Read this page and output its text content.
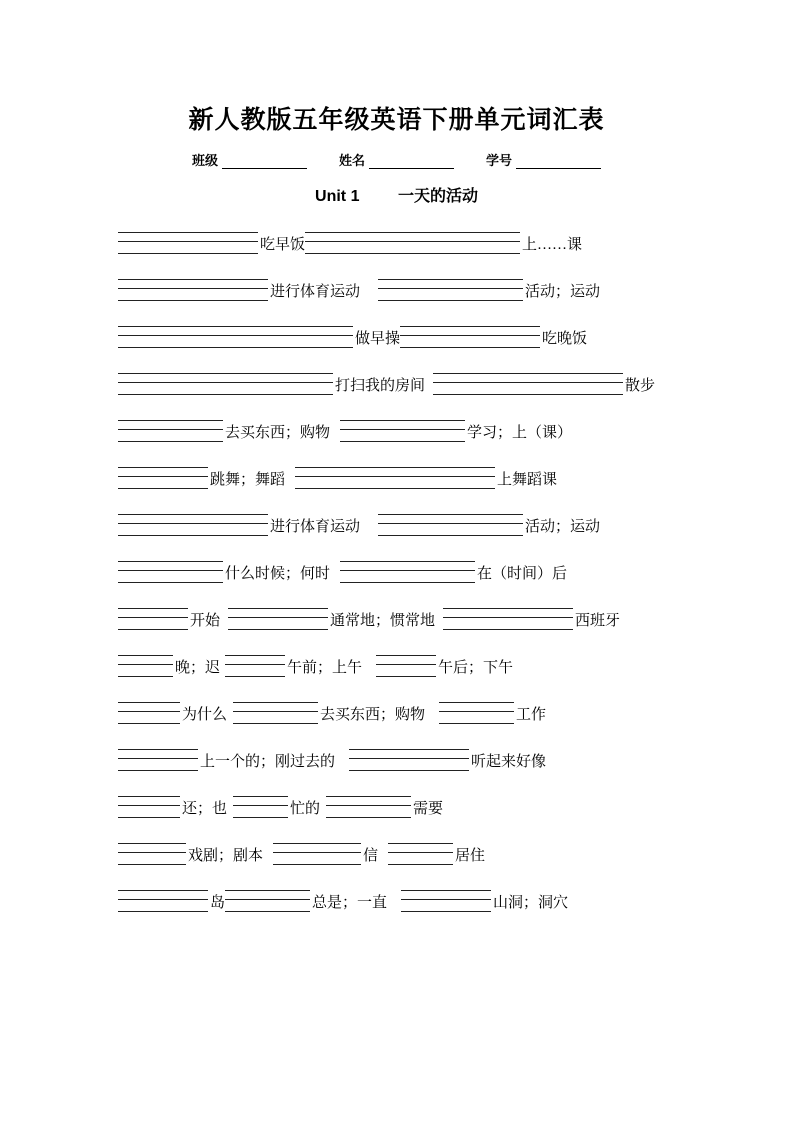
新人教版五年级英语下册单元词汇表
班级	姓名	学号
Unit 1 一天的活动
吃早饭	上……课
进行体育运动	活动；运动
做早操	吃晚饭
打扫我的房间	散步
去买东西；购物	学习；上（课）
跳舞；舞蹈	上舞蹈课
进行体育运动	活动；运动
什么时候；何时	在（时间）后
开始	通常地；惯常地	西班牙
晚；迟	午前；上午	午后；下午
为什么	去买东西；购物	工作
上一个的；刚过去的	听起来好像
还；也	忙的	需要
戏剧；剧本	信	居住
岛	总是；一直	山洞；洞穴
